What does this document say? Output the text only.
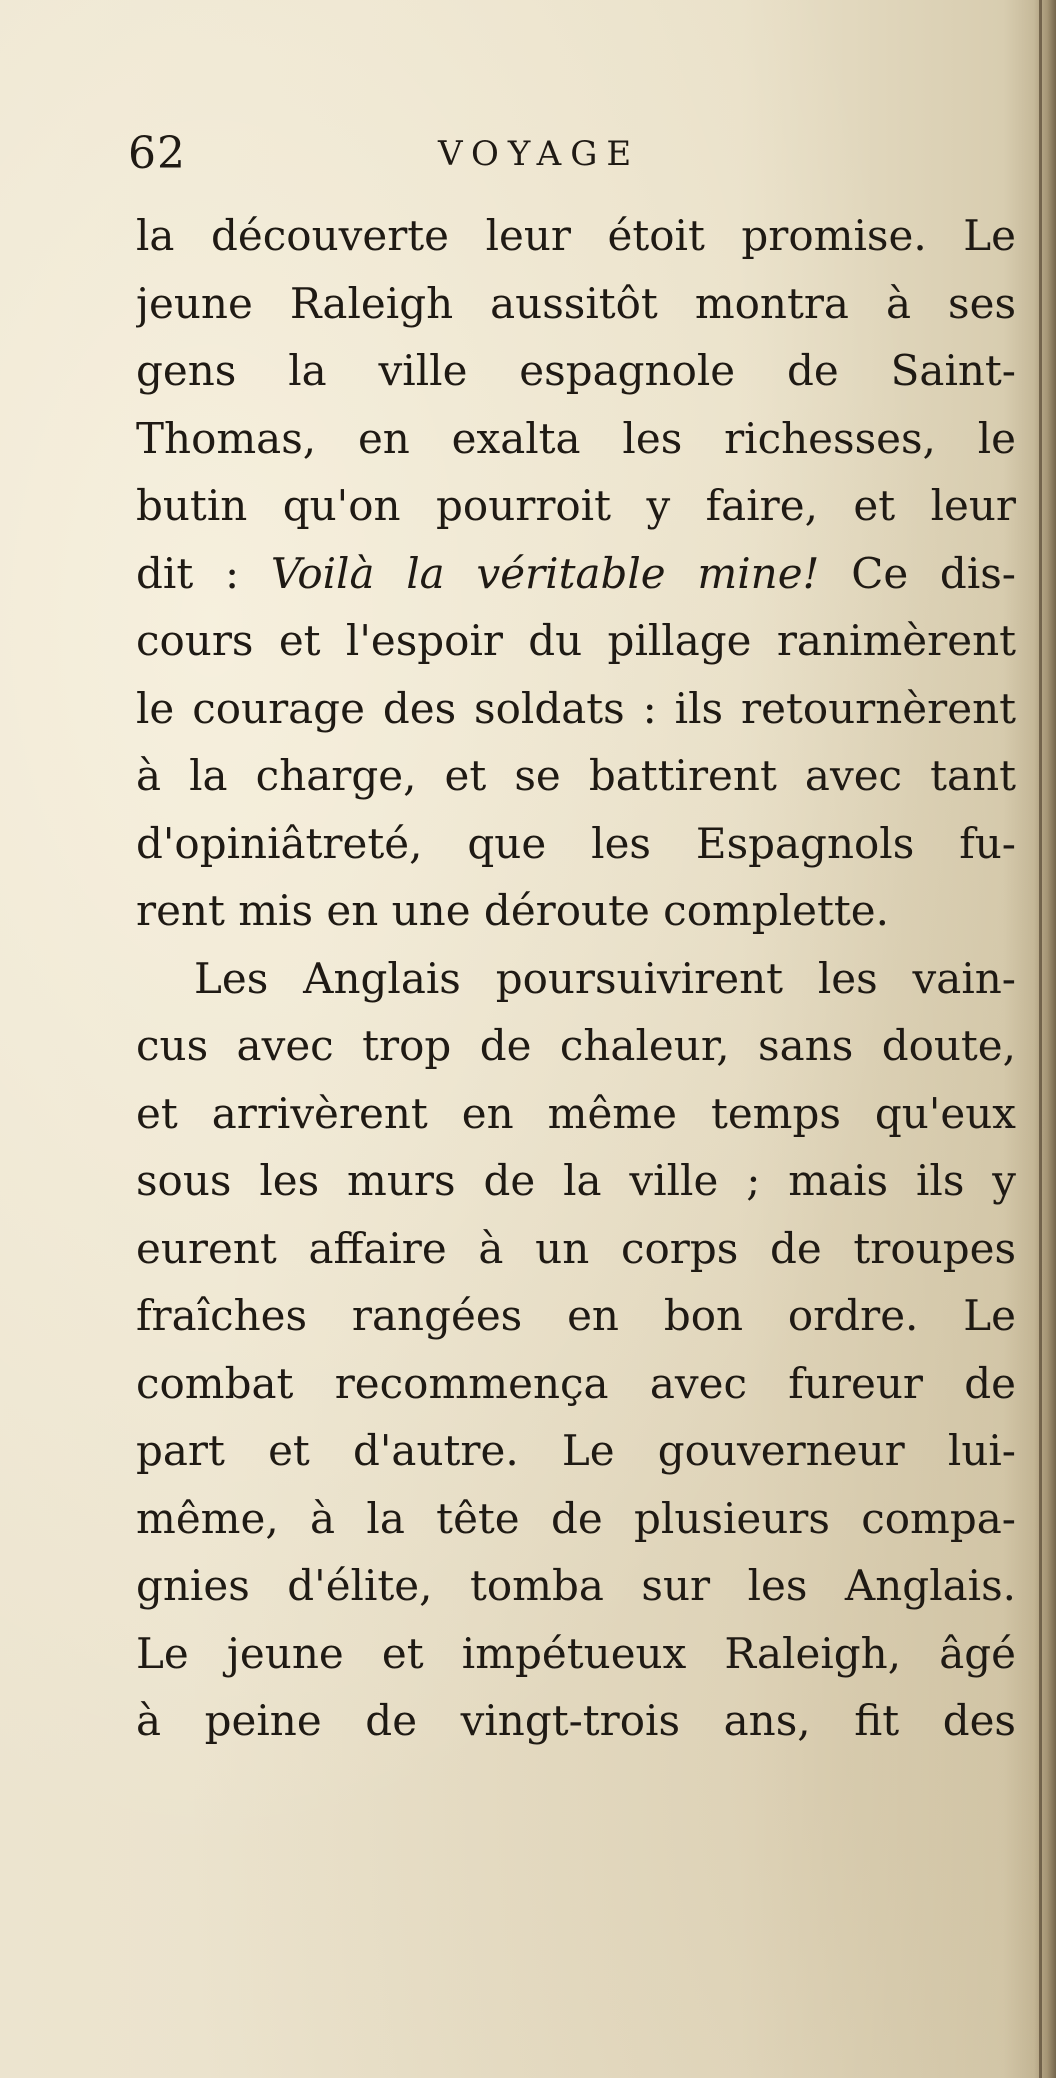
62	VOYAGE
la découverte leur étoit promise. Le
jeune Raleigh aussitôt montra à ses
gens la ville espagnole de Saint-
Thomas, en exalta les richesses, le
butin qu'on pourroit y faire, et leur
dit : Voilà la véritable mine! Ce dis-
cours et l'espoir du pillage ranimèrent
le courage des soldats : ils retournèrent
à la charge, et se battirent avec tant
d'opiniâtreté, que les Espagnols fu-
rent mis en une déroute complette.
Les Anglais poursuivirent les vain-
cus avec trop de chaleur, sans doute,
et arrivèrent en même temps qu'eux
sous les murs de la ville ; mais ils y
eurent affaire à un corps de troupes
fraîches rangées en bon ordre. Le
combat recommença avec fureur de
part et d'autre. Le gouverneur lui-
même, à la tête de plusieurs compa-
gnies d'élite, tomba sur les Anglais.
Le jeune et impétueux Raleigh, âgé
à peine de vingt-trois ans, fit des
